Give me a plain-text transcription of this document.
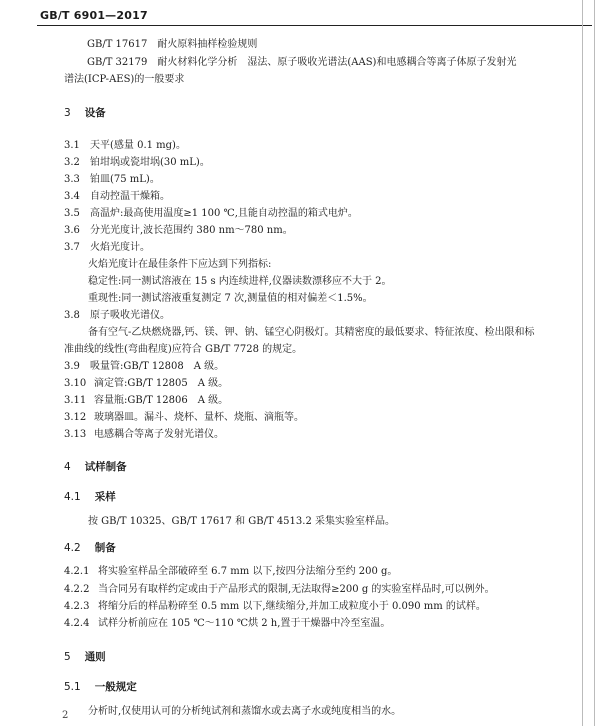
GB/T 6901—2017
GB/T 17617　耐火原料抽样检验规则
GB/T 32179　耐火材料化学分析　湿法、原子吸收光谱法(AAS)和电感耦合等离子体原子发射光
谱法(ICP-AES)的一般要求
3 设备
3.1 天平(感量 0.1 mg)。
3.2 铂坩埚或瓷坩埚(30 mL)。
3.3 铂皿(75 mL)。
3.4 自动控温干燥箱。
3.5 高温炉:最高使用温度≥1 100 ℃,且能自动控温的箱式电炉。
3.6 分光光度计,波长范围约 380 nm～780 nm。
3.7 火焰光度计。
火焰光度计在最佳条件下应达到下列指标:
稳定性:同一测试溶液在 15 s 内连续进样,仪器读数漂移应不大于 2。
重现性:同一测试溶液重复测定 7 次,测量值的相对偏差＜1.5%。
3.8 原子吸收光谱仪。
备有空气-乙炔燃烧器,钙、镁、钾、钠、锰空心阴极灯。其精密度的最低要求、特征浓度、检出限和标
准曲线的线性(弯曲程度)应符合 GB/T 7728 的规定。
3.9 吸量管:GB/T 12808　A 级。
3.10 滴定管:GB/T 12805　A 级。
3.11 容量瓶:GB/T 12806　A 级。
3.12 玻璃器皿。漏斗、烧杯、量杯、烧瓶、滴瓶等。
3.13 电感耦合等离子发射光谱仪。
4 试样制备
4.1 采样
按 GB/T 10325、GB/T 17617 和 GB/T 4513.2 采集实验室样品。
4.2 制备
4.2.1 将实验室样品全部破碎至 6.7 mm 以下,按四分法缩分至约 200 g。
4.2.2 当合同另有取样约定或由于产品形式的限制,无法取得≥200 g 的实验室样品时,可以例外。
4.2.3 将缩分后的样品粉碎至 0.5 mm 以下,继续缩分,并加工成粒度小于 0.090 mm 的试样。
4.2.4 试样分析前应在 105 ℃～110 ℃烘 2 h,置于干燥器中冷至室温。
5 通则
5.1 一般规定
分析时,仅使用认可的分析纯试剂和蒸馏水或去离子水或纯度相当的水。
2
